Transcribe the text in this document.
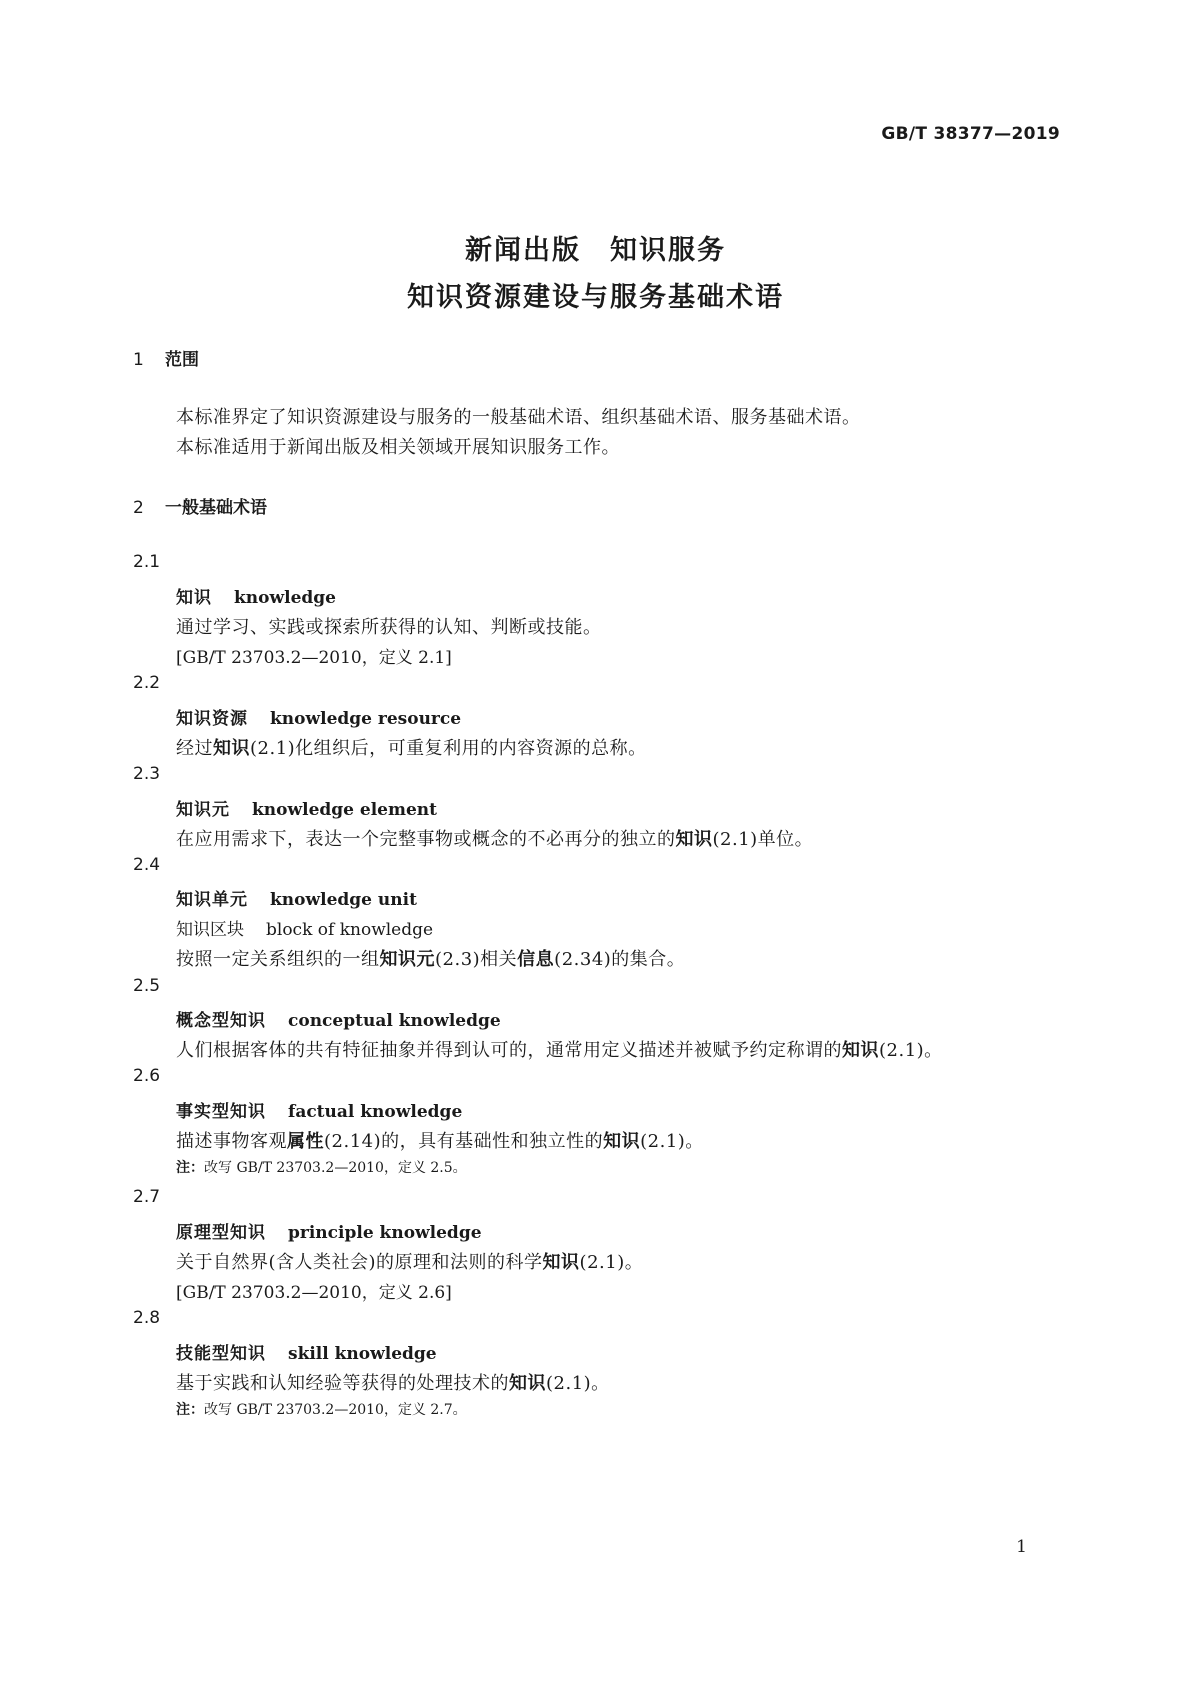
GB/T 38377—2019
新闻出版　知识服务
知识资源建设与服务基础术语
1 范围
本标准界定了知识资源建设与服务的一般基础术语、组织基础术语、服务基础术语。
本标准适用于新闻出版及相关领域开展知识服务工作。
2 一般基础术语
2.1
知识 knowledge
通过学习、实践或探索所获得的认知、判断或技能。
[GB/T 23703.2—2010，定义 2.1]
2.2
知识资源 knowledge resource
经过知识(2.1)化组织后，可重复利用的内容资源的总称。
2.3
知识元 knowledge element
在应用需求下，表达一个完整事物或概念的不必再分的独立的知识(2.1)单位。
2.4
知识单元 knowledge unit
知识区块 block of knowledge
按照一定关系组织的一组知识元(2.3)相关信息(2.34)的集合。
2.5
概念型知识 conceptual knowledge
人们根据客体的共有特征抽象并得到认可的，通常用定义描述并被赋予约定称谓的知识(2.1)。
2.6
事实型知识 factual knowledge
描述事物客观属性(2.14)的，具有基础性和独立性的知识(2.1)。
注：改写 GB/T 23703.2—2010，定义 2.5。
2.7
原理型知识 principle knowledge
关于自然界(含人类社会)的原理和法则的科学知识(2.1)。
[GB/T 23703.2—2010，定义 2.6]
2.8
技能型知识 skill knowledge
基于实践和认知经验等获得的处理技术的知识(2.1)。
注：改写 GB/T 23703.2—2010，定义 2.7。
1
